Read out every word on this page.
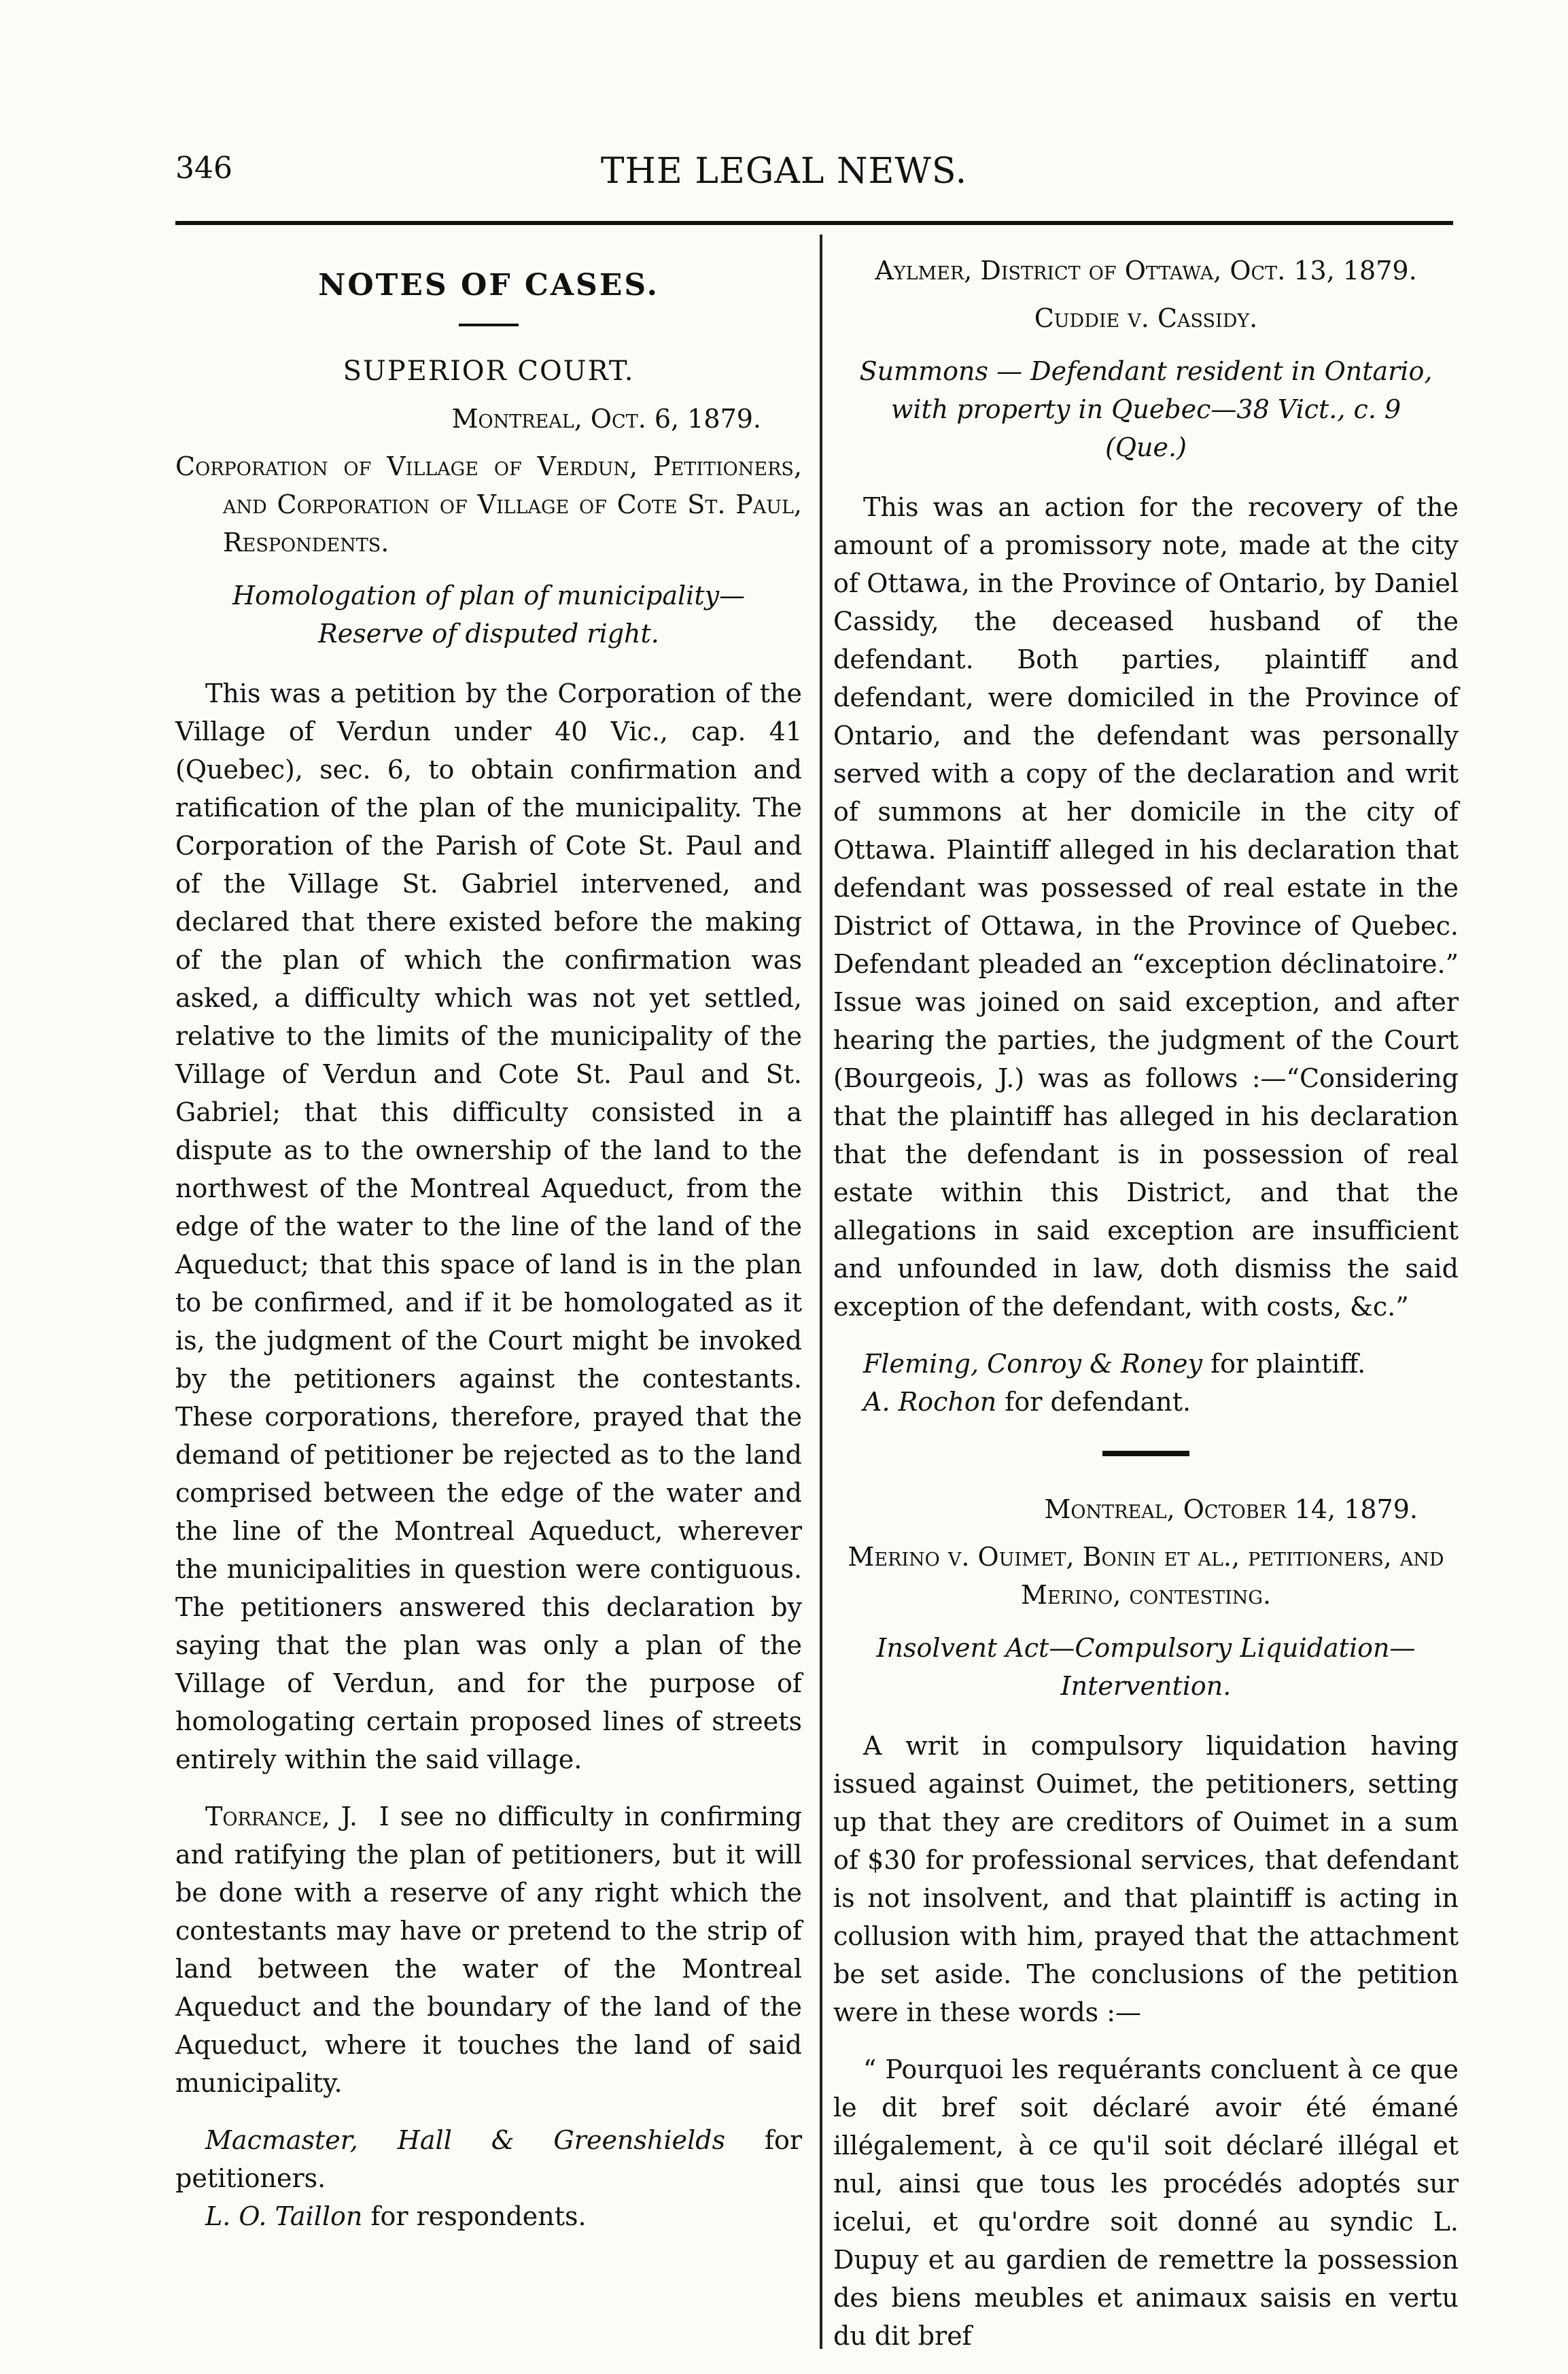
346	THE LEGAL NEWS.

NOTES OF CASES.

SUPERIOR COURT.

Montreal, Oct. 6, 1879.

Corporation of Village of Verdun, Petitioners, and Corporation of Village of Cote St. Paul, Respondents.

Homologation of plan of municipality—Reserve of disputed right.

This was a petition by the Corporation of the Village of Verdun under 40 Vic., cap. 41 (Quebec), sec. 6, to obtain confirmation and ratification of the plan of the municipality. The Corporation of the Parish of Cote St. Paul and of the Village St. Gabriel intervened, and declared that there existed before the making of the plan of which the confirmation was asked, a difficulty which was not yet settled, relative to the limits of the municipality of the Village of Verdun and Cote St. Paul and St. Gabriel; that this difficulty consisted in a dispute as to the ownership of the land to the northwest of the Montreal Aqueduct, from the edge of the water to the line of the land of the Aqueduct; that this space of land is in the plan to be confirmed, and if it be homologated as it is, the judgment of the Court might be invoked by the petitioners against the contestants. These corporations, therefore, prayed that the demand of petitioner be rejected as to the land comprised between the edge of the water and the line of the Montreal Aqueduct, wherever the municipalities in question were contiguous. The petitioners answered this declaration by saying that the plan was only a plan of the Village of Verdun, and for the purpose of homologating certain proposed lines of streets entirely within the said village.

Torrance, J. I see no difficulty in confirming and ratifying the plan of petitioners, but it will be done with a reserve of any right which the contestants may have or pretend to the strip of land between the water of the Montreal Aqueduct and the boundary of the land of the Aqueduct, where it touches the land of said municipality.

Macmaster, Hall & Greenshields for petitioners.

L. O. Taillon for respondents.

Aylmer, District of Ottawa, Oct. 13, 1879.

Cuddie v. Cassidy.

Summons — Defendant resident in Ontario, with property in Quebec—38 Vict., c. 9 (Que.)

This was an action for the recovery of the amount of a promissory note, made at the city of Ottawa, in the Province of Ontario, by Daniel Cassidy, the deceased husband of the defendant. Both parties, plaintiff and defendant, were domiciled in the Province of Ontario, and the defendant was personally served with a copy of the declaration and writ of summons at her domicile in the city of Ottawa. Plaintiff alleged in his declaration that defendant was possessed of real estate in the District of Ottawa, in the Province of Quebec. Defendant pleaded an “exception déclinatoire.” Issue was joined on said exception, and after hearing the parties, the judgment of the Court (Bourgeois, J.) was as follows :—“Considering that the plaintiff has alleged in his declaration that the defendant is in possession of real estate within this District, and that the allegations in said exception are insufficient and unfounded in law, doth dismiss the said exception of the defendant, with costs, &c.”

Fleming, Conroy & Roney for plaintiff.

A. Rochon for defendant.

Montreal, October 14, 1879.

Merino v. Ouimet, Bonin et al., petitioners, and Merino, contesting.

Insolvent Act—Compulsory Liquidation—Intervention.

A writ in compulsory liquidation having issued against Ouimet, the petitioners, setting up that they are creditors of Ouimet in a sum of $30 for professional services, that defendant is not insolvent, and that plaintiff is acting in collusion with him, prayed that the attachment be set aside. The conclusions of the petition were in these words :—

“ Pourquoi les requérants concluent à ce que le dit bref soit déclaré avoir été émané illégalement, à ce qu'il soit déclaré illégal et nul, ainsi que tous les procédés adoptés sur icelui, et qu'ordre soit donné au syndic L. Dupuy et au gardien de remettre la possession des biens meubles et animaux saisis en vertu du dit bref
